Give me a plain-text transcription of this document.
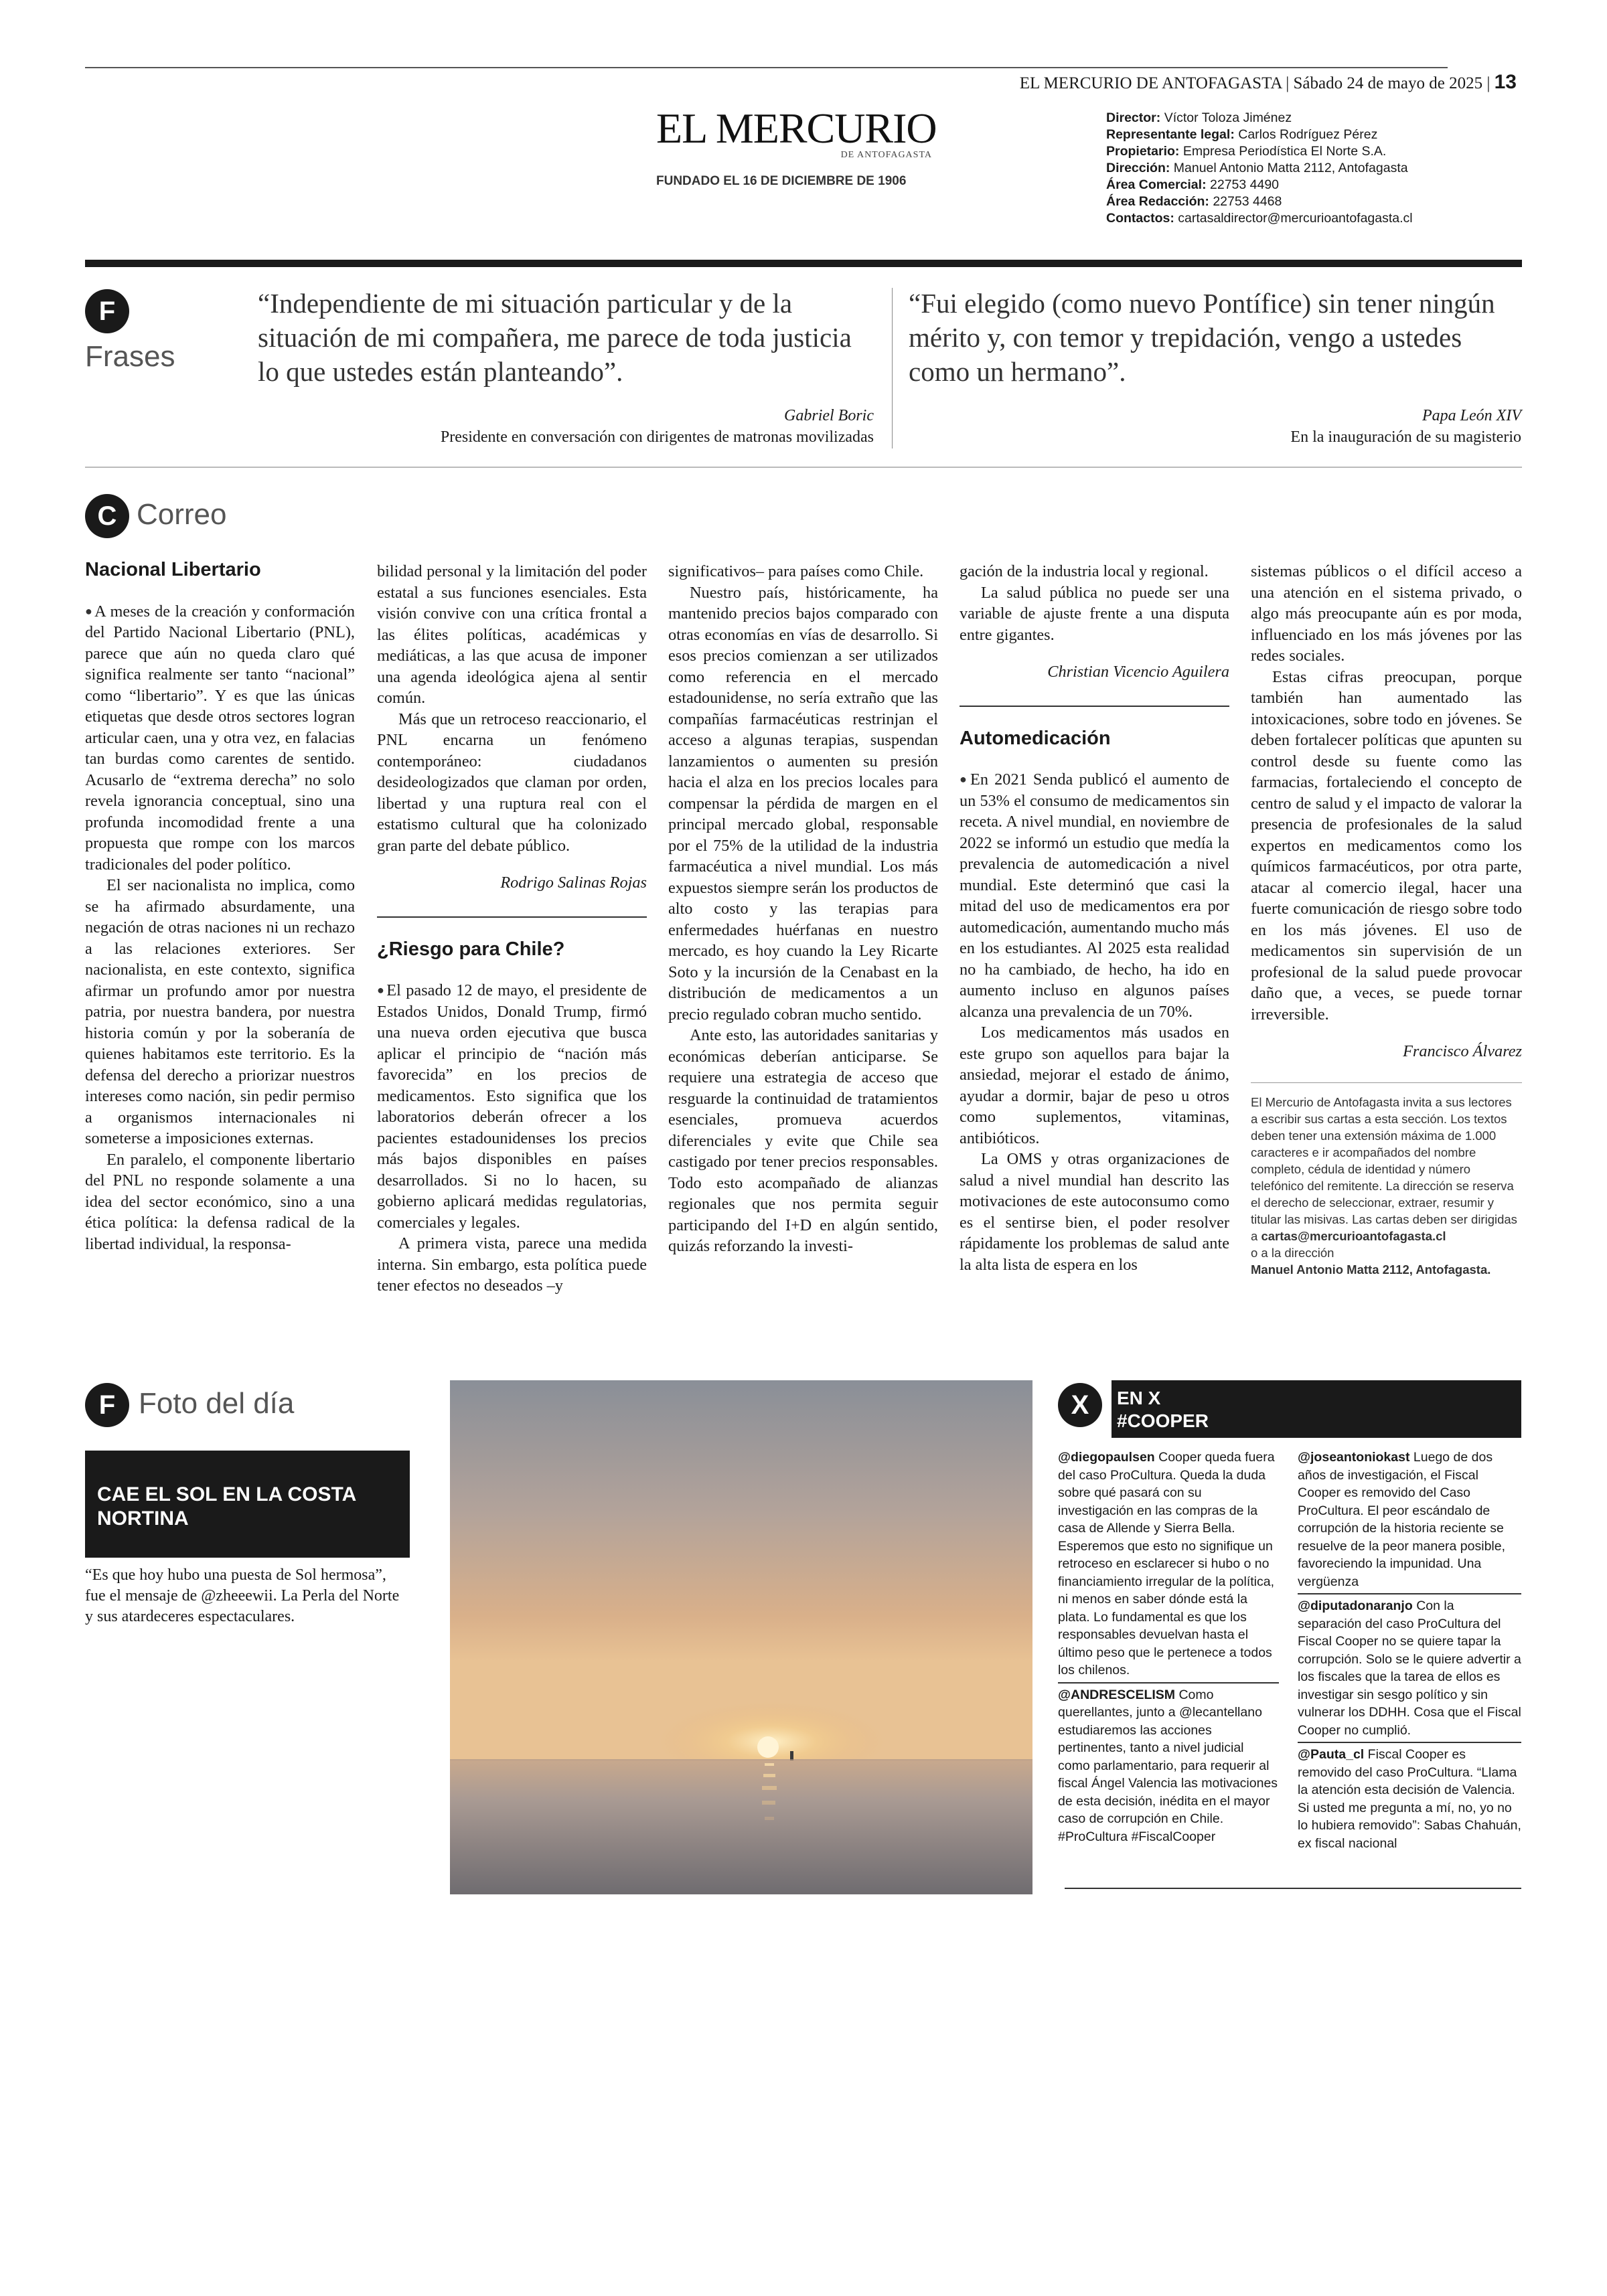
EL MERCURIO DE ANTOFAGASTA | Sábado 24 de mayo de 2025 | 13
EL MERCURIO
DE ANTOFAGASTA
FUNDADO EL 16 DE DICIEMBRE DE 1906
Director: Víctor Toloza Jiménez
Representante legal: Carlos Rodríguez Pérez
Propietario: Empresa Periodística El Norte S.A.
Dirección: Manuel Antonio Matta 2112, Antofagasta
Área Comercial: 22753 4490
Área Redacción: 22753 4468
Contactos: cartasaldirector@mercurioantofagasta.cl
F
Frases
“Independiente de mi situación particular y de la situación de mi compañera, me parece de toda justicia lo que ustedes están planteando”.
Gabriel Boric
Presidente en conversación con dirigentes de matronas movilizadas
“Fui elegido (como nuevo Pontífice) sin tener ningún mérito y, con temor y trepidación, vengo a ustedes como un hermano”.
Papa León XIV
En la inauguración de su magisterio
C Correo
Nacional Libertario

● A meses de la creación y conformación del Partido Nacional Libertario (PNL), parece que aún no queda claro qué significa realmente ser tanto “nacional” como “libertario”. Y es que las únicas etiquetas que desde otros sectores logran articular caen, una y otra vez, en falacias tan burdas como carentes de sentido. Acusarlo de “extrema derecha” no solo revela ignorancia conceptual, sino una profunda incomodidad frente a una propuesta que rompe con los marcos tradicionales del poder político.

El ser nacionalista no implica, como se ha afirmado absurdamente, una negación de otras naciones ni un rechazo a las relaciones exteriores. Ser nacionalista, en este contexto, significa afirmar un profundo amor por nuestra patria, por nuestra bandera, por nuestra historia común y por la soberanía de quienes habitamos este territorio. Es la defensa del derecho a priorizar nuestros intereses como nación, sin pedir permiso a organismos internacionales ni someterse a imposiciones externas.

En paralelo, el componente libertario del PNL no responde solamente a una idea del sector económico, sino a una ética política: la defensa radical de la libertad individual, la responsa-

bilidad personal y la limitación del poder estatal a sus funciones esenciales. Esta visión convive con una crítica frontal a las élites políticas, académicas y mediáticas, a las que acusa de imponer una agenda ideológica ajena al sentir común.

Más que un retroceso reaccionario, el PNL encarna un fenómeno contemporáneo: ciudadanos desideologizados que claman por orden, libertad y una ruptura real con el estatismo cultural que ha colonizado gran parte del debate público.

Rodrigo Salinas Rojas
¿Riesgo para Chile?

● El pasado 12 de mayo, el presidente de Estados Unidos, Donald Trump, firmó una nueva orden ejecutiva que busca aplicar el principio de “nación más favorecida” en los precios de medicamentos. Esto significa que los laboratorios deberán ofrecer a los pacientes estadounidenses los precios más bajos disponibles en países desarrollados. Si no lo hacen, su gobierno aplicará medidas regulatorias, comerciales y legales.

A primera vista, parece una medida interna. Sin embargo, esta política puede tener efectos no deseados –y

significativos– para países como Chile.

Nuestro país, históricamente, ha mantenido precios bajos comparado con otras economías en vías de desarrollo. Si esos precios comienzan a ser utilizados como referencia en el mercado estadounidense, no sería extraño que las compañías farmacéuticas restrinjan el acceso a algunas terapias, suspendan lanzamientos o aumenten su presión hacia el alza en los precios locales para compensar la pérdida de margen en el principal mercado global, responsable por el 75% de la utilidad de la industria farmacéutica a nivel mundial. Los más expuestos siempre serán los productos de alto costo y las terapias para enfermedades huérfanas en nuestro mercado, es hoy cuando la Ley Ricarte Soto y la incursión de la Cenabast en la distribución de medicamentos a un precio regulado cobran mucho sentido.

Ante esto, las autoridades sanitarias y económicas deberían anticiparse. Se requiere una estrategia de acceso que resguarde la continuidad de tratamientos esenciales, promueva acuerdos diferenciales y evite que Chile sea castigado por tener precios responsables. Todo esto acompañado de alianzas regionales que nos permita seguir participando del I+D en algún sentido, quizás reforzando la investi-

gación de la industria local y regional.

La salud pública no puede ser una variable de ajuste frente a una disputa entre gigantes.

Christian Vicencio Aguilera
Automedicación

● En 2021 Senda publicó el aumento de un 53% el consumo de medicamentos sin receta. A nivel mundial, en noviembre de 2022 se informó un estudio que medía la prevalencia de automedicación a nivel mundial. Este determinó que casi la mitad del uso de medicamentos era por automedicación, aumentando mucho más en los estudiantes. Al 2025 esta realidad no ha cambiado, de hecho, ha ido en aumento incluso en algunos países alcanza una prevalencia de un 70%.

Los medicamentos más usados en este grupo son aquellos para bajar la ansiedad, mejorar el estado de ánimo, ayudar a dormir, bajar de peso u otros como suplementos, vitaminas, antibióticos.

La OMS y otras organizaciones de salud a nivel mundial han descrito las motivaciones de este autoconsumo como es el sentirse bien, el poder resolver rápidamente los problemas de salud ante la alta lista de espera en los

sistemas públicos o el difícil acceso a una atención en el sistema privado, o algo más preocupante aún es por moda, influenciado en los más jóvenes por las redes sociales.

Estas cifras preocupan, porque también han aumentado las intoxicaciones, sobre todo en jóvenes. Se deben fortalecer políticas que apunten su control desde su fuente como las farmacias, fortaleciendo el concepto de centro de salud y el impacto de valorar la presencia de profesionales de la salud expertos en medicamentos como los químicos farmacéuticos, por otra parte, atacar al comercio ilegal, hacer una fuerte comunicación de riesgo sobre todo en los más jóvenes. El uso de medicamentos sin supervisión de un profesional de la salud puede provocar daño que, a veces, se puede tornar irreversible.

Francisco Álvarez
El Mercurio de Antofagasta invita a sus lectores a escribir sus cartas a esta sección. Los textos deben tener una extensión máxima de 1.000 caracteres e ir acompañados del nombre completo, cédula de identidad y número telefónico del remitente. La dirección se reserva el derecho de seleccionar, extraer, resumir y titular las misivas. Las cartas deben ser dirigidas a cartas@mercurioantofagasta.cl
o a la dirección
Manuel Antonio Matta 2112, Antofagasta.
F Foto del día
CAE EL SOL EN LA COSTA NORTINA
“Es que hoy hubo una puesta de Sol hermosa”, fue el mensaje de @zheeewii. La Perla del Norte y sus atardeceres espectaculares.
X	EN X
#COOPER
@diegopaulsen Cooper queda fuera del caso ProCultura. Queda la duda sobre qué pasará con su investigación en las compras de la casa de Allende y Sierra Bella. Esperemos que esto no signifique un retroceso en esclarecer si hubo o no financiamiento irregular de la política, ni menos en saber dónde está la plata. Lo fundamental es que los responsables devuelvan hasta el último peso que le pertenece a todos los chilenos.
@ANDRESCELISM Como querellantes, junto a @lecantellano estudiaremos las acciones pertinentes, tanto a nivel judicial como parlamentario, para requerir al fiscal Ángel Valencia las motivaciones de esta decisión, inédita en el mayor caso de corrupción en Chile. #ProCultura #FiscalCooper
@joseantoniokast Luego de dos años de investigación, el Fiscal Cooper es removido del Caso ProCultura. El peor escándalo de corrupción de la historia reciente se resuelve de la peor manera posible, favoreciendo la impunidad. Una vergüenza
@diputadonaranjo Con la separación del caso ProCultura del Fiscal Cooper no se quiere tapar la corrupción. Solo se le quiere advertir a los fiscales que la tarea de ellos es investigar sin sesgo político y sin vulnerar los DDHH. Cosa que el Fiscal Cooper no cumplió.
@Pauta_cl Fiscal Cooper es removido del caso ProCultura. “Llama la atención esta decisión de Valencia. Si usted me pregunta a mí, no, yo no lo hubiera removido”: Sabas Chahuán, ex fiscal nacional
